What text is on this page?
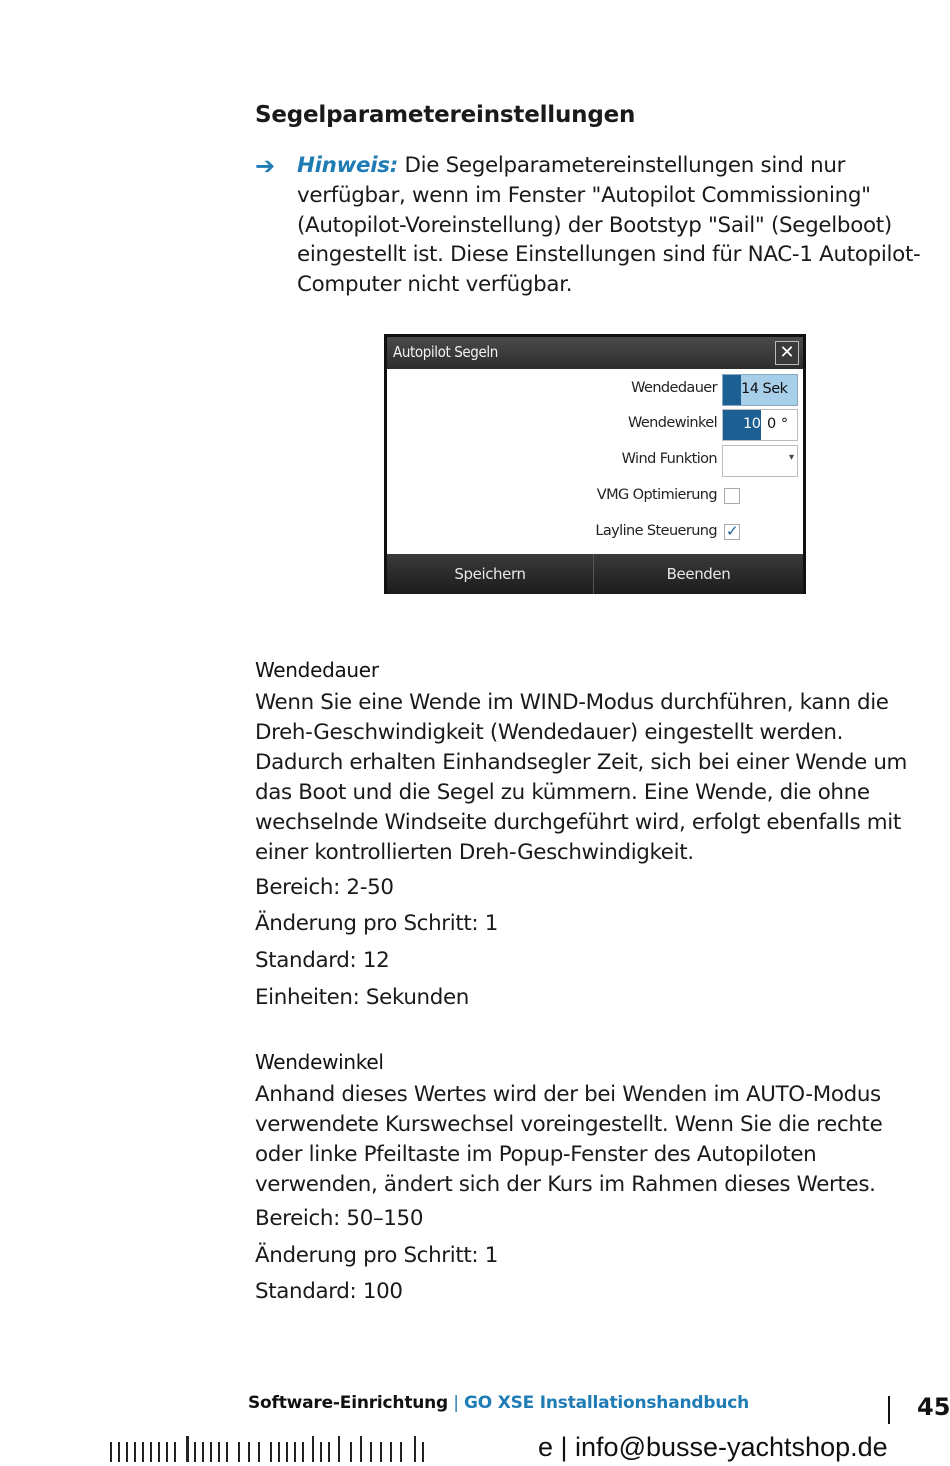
Segelparametereinstellungen
➔ Hinweis: Die Segelparametereinstellungen sind nur verfügbar, wenn im Fenster "Autopilot Commissioning" (Autopilot-Voreinstellung) der Bootstyp "Sail" (Segelboot) eingestellt ist. Diese Einstellungen sind für NAC-1 Autopilot-Computer nicht verfügbar.
Autopilot Segeln	✕
Wendedauer 14 Sek
Wendewinkel 10 0 °
Wind Funktion	▾
VMG Optimierung
Layline Steuerung ✓
Speichern	Beenden
Wendedauer
Wenn Sie eine Wende im WIND-Modus durchführen, kann die Dreh-Geschwindigkeit (Wendedauer) eingestellt werden. Dadurch erhalten Einhandsegler Zeit, sich bei einer Wende um das Boot und die Segel zu kümmern. Eine Wende, die ohne wechselnde Windseite durchgeführt wird, erfolgt ebenfalls mit einer kontrollierten Dreh-Geschwindigkeit.
Bereich: 2-50
Änderung pro Schritt: 1
Standard: 12
Einheiten: Sekunden
Wendewinkel
Anhand dieses Wertes wird der bei Wenden im AUTO-Modus verwendete Kurswechsel voreingestellt. Wenn Sie die rechte oder linke Pfeiltaste im Popup-Fenster des Autopiloten verwenden, ändert sich der Kurs im Rahmen dieses Wertes.
Bereich: 50–150
Änderung pro Schritt: 1
Standard: 100
Software-Einrichtung | GO XSE Installationshandbuch	45
e | info@busse-yachtshop.de
